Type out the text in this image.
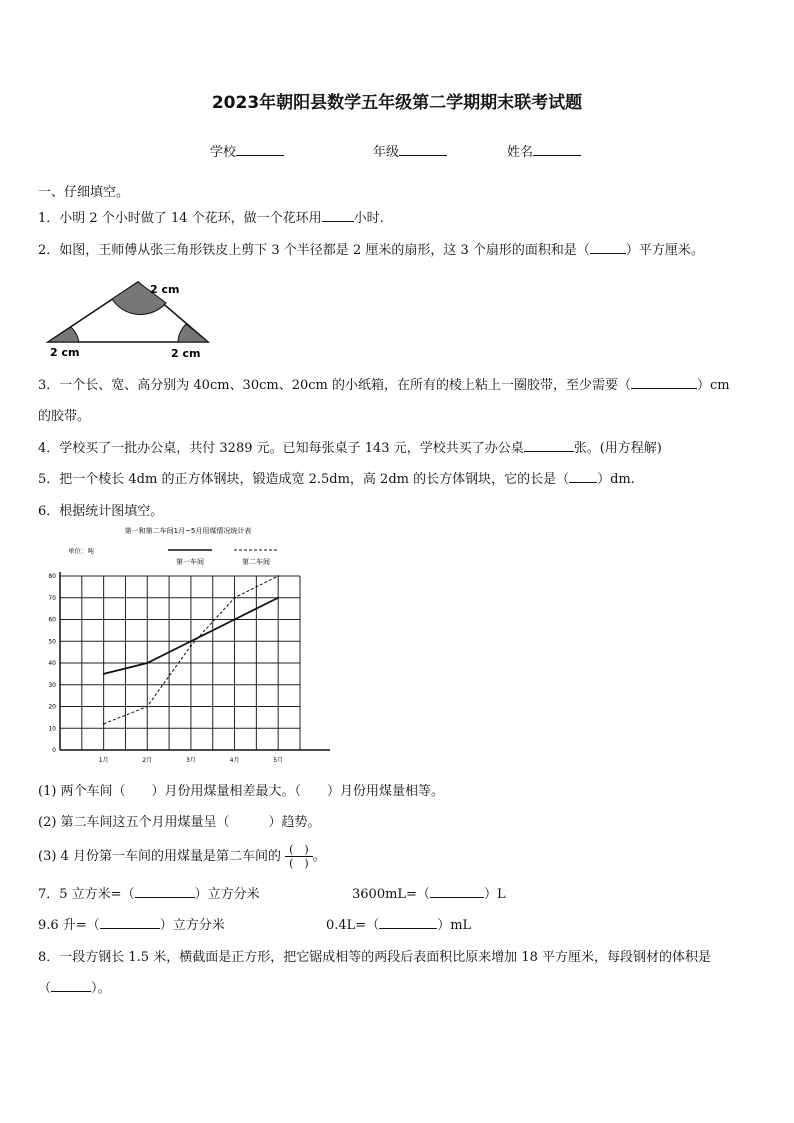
2023年朝阳县数学五年级第二学期期末联考试题
学校	年级	姓名
一、仔细填空。
1．小明 2 个小时做了 14 个花环，做一个花环用 小时.
2．如图，王师傅从张三角形铁皮上剪下 3 个半径都是 2 厘米的扇形，这 3 个扇形的面积和是（	）平方厘米。
2 cm
2 cm	2 cm
3．一个长、宽、高分别为 40cm、30cm、20cm 的小纸箱，在所有的棱上粘上一圈胶带，至少需要（	）cm
的胶带。
4．学校买了一批办公桌，共付 3289 元。已知每张桌子 143 元，学校共买了办公桌	张。(用方程解)
5．把一个棱长 4dm 的正方体钢块，锻造成宽 2.5dm，高 2dm 的长方体钢块，它的长是（ ）dm.
6．根据统计图填空。
第一和第二车间1月~5月用煤情况统计表
单位：吨
第一车间	第二车间
0
10
20
30
40
50
60
70
80
1月	2月	3月	4月	5月
(1) 两个车间（　　）月份用煤量相差最大。（　　）月份用煤量相等。
(2) 第二车间这五个月用煤量呈（　　　）趋势。
(3) 4 月份第一车间的用煤量是第二车间的 $\frac{( )}{( )}$ 。
7．5 立方米=（	）立方分米	3600mL=（	）L
9.6 升=（	）立方分米	0.4L=（	）mL
8．一段方钢长 1.5 米，横截面是正方形，把它锯成相等的两段后表面积比原来增加 18 平方厘米，每段钢材的体积是
（	）。
